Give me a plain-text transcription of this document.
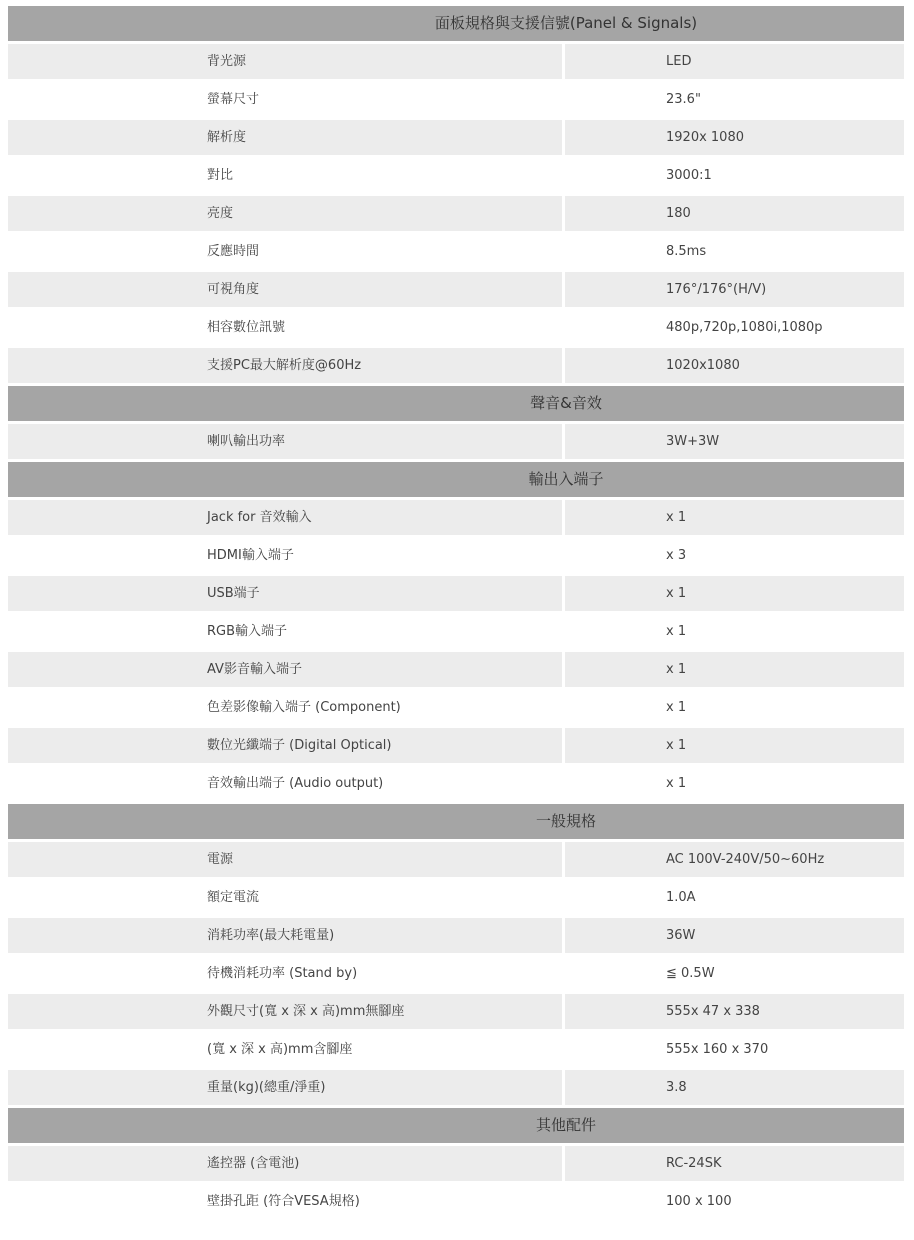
面板規格與支援信號(Panel & Signals)
背光源	LED
螢幕尺寸	23.6"
解析度	1920x 1080
對比	3000:1
亮度	180
反應時間	8.5ms
可視角度	176°/176°(H/V)
相容數位訊號	480p,720p,1080i,1080p
支援PC最大解析度@60Hz	1020x1080
聲音&音效
喇叭輸出功率	3W+3W
輸出入端子
Jack for 音效輸入	x 1
HDMI輸入端子	x 3
USB端子	x 1
RGB輸入端子	x 1
AV影音輸入端子	x 1
色差影像輸入端子 (Component)	x 1
數位光纖端子 (Digital Optical)	x 1
音效輸出端子 (Audio output)	x 1
一般規格
電源	AC 100V-240V/50~60Hz
額定電流	1.0A
消耗功率(最大耗電量)	36W
待機消耗功率 (Stand by)	≦ 0.5W
外觀尺寸(寬 x 深 x 高)mm無腳座	555x 47 x 338
(寬 x 深 x 高)mm含腳座	555x 160 x 370
重量(kg)(總重/淨重)	3.8
其他配件
遙控器 (含電池)	RC-24SK
壁掛孔距 (符合VESA規格)	100 x 100
